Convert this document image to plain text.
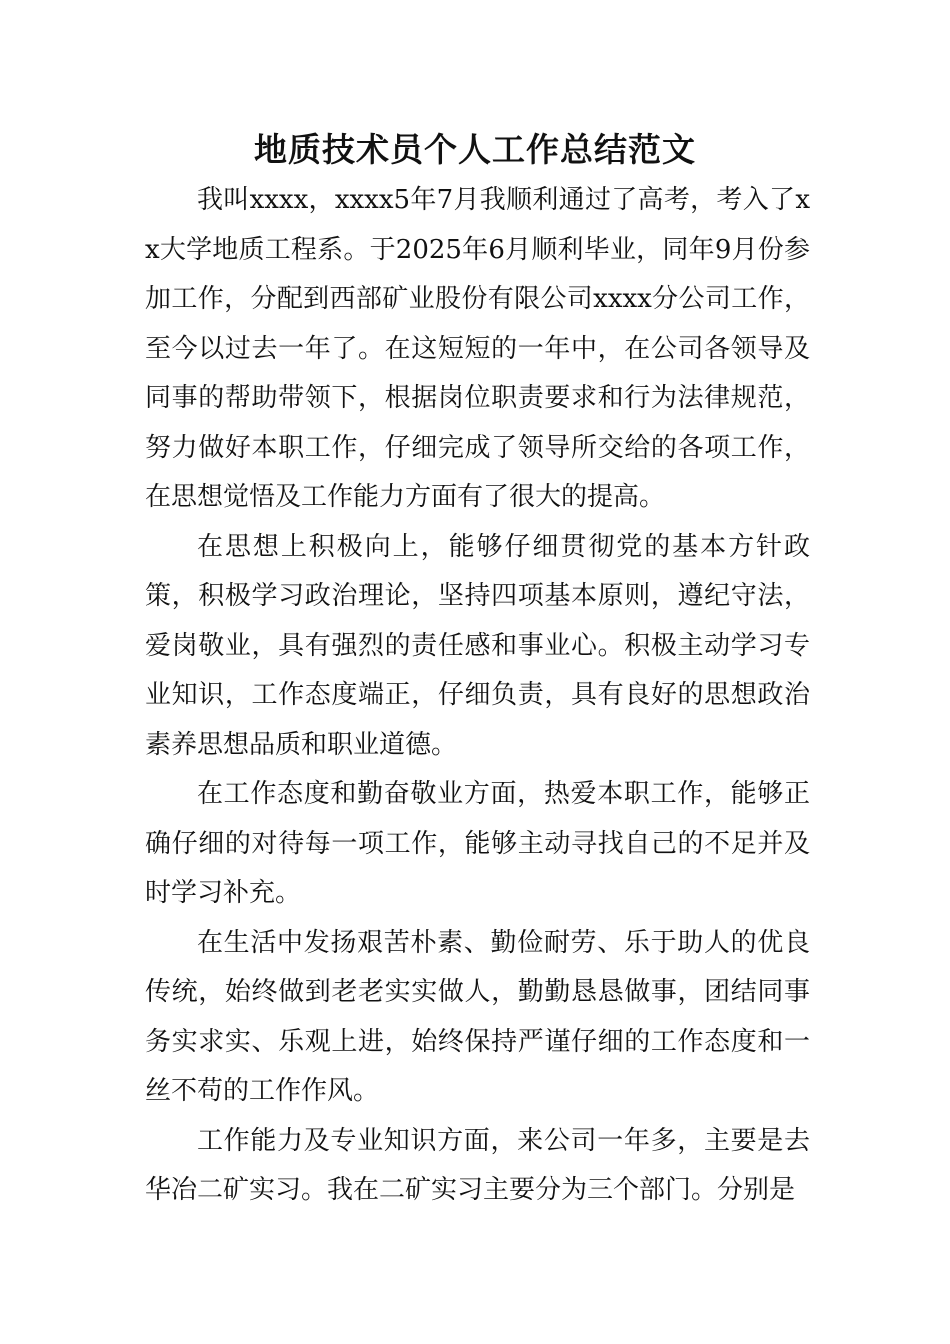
地质技术员个人工作总结范文

我叫xxxx，xxxx5年7月我顺利通过了高考，考入了xx大学地质工程系。于2025年6月顺利毕业，同年9月份参加工作，分配到西部矿业股份有限公司xxxx分公司工作，至今以过去一年了。在这短短的一年中，在公司各领导及同事的帮助带领下，根据岗位职责要求和行为法律规范，努力做好本职工作，仔细完成了领导所交给的各项工作，在思想觉悟及工作能力方面有了很大的提高。

在思想上积极向上，能够仔细贯彻党的基本方针政策，积极学习政治理论，坚持四项基本原则，遵纪守法，爱岗敬业，具有强烈的责任感和事业心。积极主动学习专业知识，工作态度端正，仔细负责，具有良好的思想政治素养思想品质和职业道德。

在工作态度和勤奋敬业方面，热爱本职工作，能够正确仔细的对待每一项工作，能够主动寻找自己的不足并及时学习补充。

在生活中发扬艰苦朴素、勤俭耐劳、乐于助人的优良传统，始终做到老老实实做人，勤勤恳恳做事，团结同事务实求实、乐观上进，始终保持严谨仔细的工作态度和一丝不苟的工作作风。

工作能力及专业知识方面，来公司一年多，主要是去华冶二矿实习。我在二矿实习主要分为三个部门。分别是
